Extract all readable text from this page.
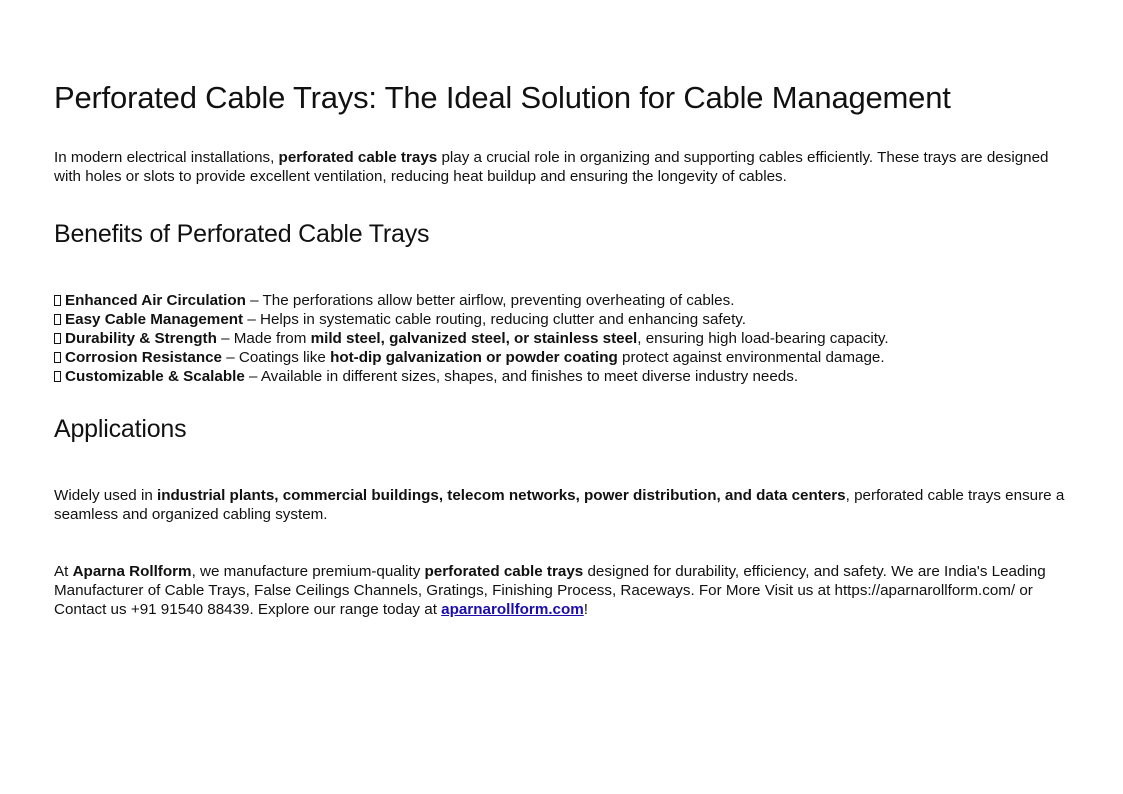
Perforated Cable Trays: The Ideal Solution for Cable Management

In modern electrical installations, perforated cable trays play a crucial role in organizing and supporting cables efficiently. These trays are designed with holes or slots to provide excellent ventilation, reducing heat buildup and ensuring the longevity of cables.

Benefits of Perforated Cable Trays

Enhanced Air Circulation – The perforations allow better airflow, preventing overheating of cables.
Easy Cable Management – Helps in systematic cable routing, reducing clutter and enhancing safety.
Durability & Strength – Made from mild steel, galvanized steel, or stainless steel, ensuring high load-bearing capacity.
Corrosion Resistance – Coatings like hot-dip galvanization or powder coating protect against environmental damage.
Customizable & Scalable – Available in different sizes, shapes, and finishes to meet diverse industry needs.

Applications

Widely used in industrial plants, commercial buildings, telecom networks, power distribution, and data centers, perforated cable trays ensure a seamless and organized cabling system.

At Aparna Rollform, we manufacture premium-quality perforated cable trays designed for durability, efficiency, and safety. We are India's Leading Manufacturer of Cable Trays, False Ceilings Channels, Gratings, Finishing Process, Raceways. For More Visit us at https://aparnarollform.com/ or Contact us +91 91540 88439. Explore our range today at aparnarollform.com!
